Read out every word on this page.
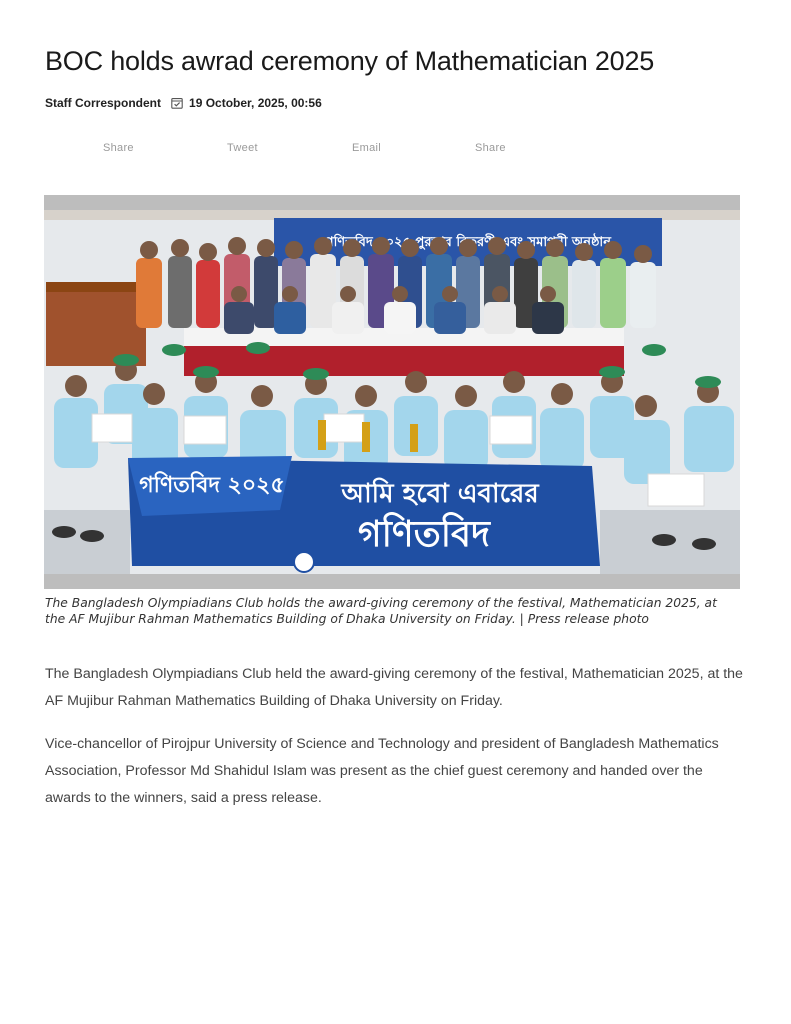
BOC holds awrad ceremony of Mathematician 2025
Staff Correspondent 19 October, 2025, 00:56
Share	Tweet	Email	Share
২০২৫ বিতরণী এবং সমাপনী অনুষ্ঠান
গণিতবিদ ২০২৫ আমি হবো এবারের
গণিতবিদ

The Bangladesh Olympiadians Club holds the award-giving ceremony of the festival, Mathematician 2025, at the AF Mujibur Rahman Mathematics Building of Dhaka University on Friday. | Press release photo

The Bangladesh Olympiadians Club held the award-giving ceremony of the festival, Mathematician 2025, at the AF Mujibur Rahman Mathematics Building of Dhaka University on Friday.

Vice-chancellor of Pirojpur University of Science and Technology and president of Bangladesh Mathematics Association, Professor Md Shahidul Islam was present as the chief guest ceremony and handed over the awards to the winners, said a press release.
